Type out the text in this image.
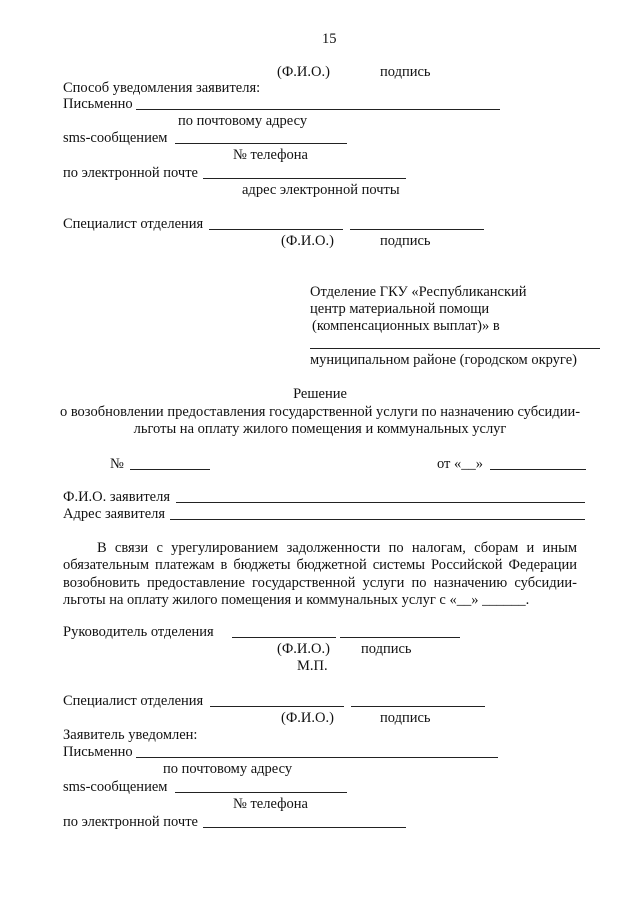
15
(Ф.И.О.)	подпись
Способ уведомления заявителя:
Письменно
по почтовому адресу
sms-сообщением
№ телефона
по электронной почте
адрес электронной почты
Специалист отделения
(Ф.И.О.)	подпись
Отделение ГКУ «Республиканский
центр материальной помощи
(компенсационных выплат)» в
муниципальном районе (городском округе)
Решение
о возобновлении предоставления государственной услуги по назначению субсидии-
льготы на оплату жилого помещения и коммунальных услуг
№	от «__»
Ф.И.О. заявителя
Адрес заявителя
В связи с урегулированием задолженности по налогам, сборам и иным обязательным платежам в бюджеты бюджетной системы Российской Федерации возобновить предоставление государственной услуги по назначению субсидии-льготы на оплату жилого помещения и коммунальных услуг с «__» ______.
Руководитель отделения
(Ф.И.О.) подпись
М.П.
Специалист отделения
(Ф.И.О.)	подпись
Заявитель уведомлен:
Письменно
по почтовому адресу
sms-сообщением
№ телефона
по электронной почте
